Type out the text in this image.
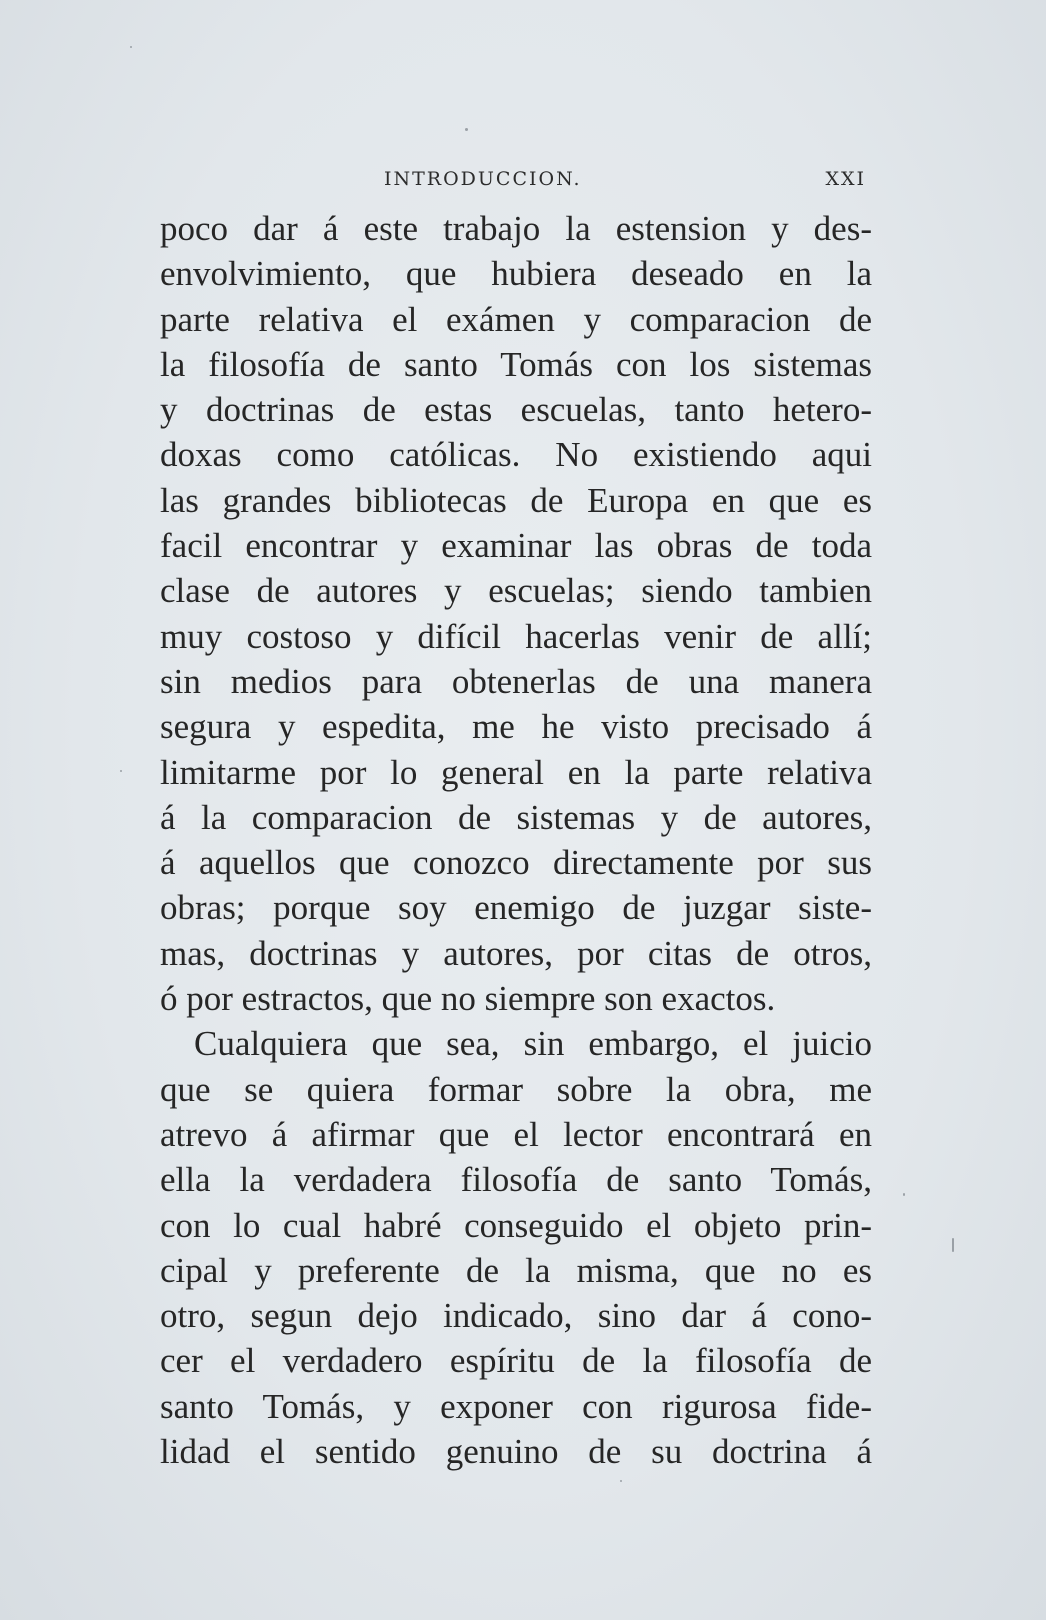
INTRODUCCION.	XXI
poco dar á este trabajo la estension y des-
envolvimiento, que hubiera deseado en la
parte relativa el exámen y comparacion de
la filosofía de santo Tomás con los sistemas
y doctrinas de estas escuelas, tanto hetero-
doxas como católicas. No existiendo aqui
las grandes bibliotecas de Europa en que es
facil encontrar y examinar las obras de toda
clase de autores y escuelas; siendo tambien
muy costoso y difícil hacerlas venir de allí;
sin medios para obtenerlas de una manera
segura y espedita, me he visto precisado á
limitarme por lo general en la parte relativa
á la comparacion de sistemas y de autores,
á aquellos que conozco directamente por sus
obras; porque soy enemigo de juzgar siste-
mas, doctrinas y autores, por citas de otros,
ó por estractos, que no siempre son exactos.
Cualquiera que sea, sin embargo, el juicio
que se quiera formar sobre la obra, me
atrevo á afirmar que el lector encontrará en
ella la verdadera filosofía de santo Tomás,
con lo cual habré conseguido el objeto prin-
cipal y preferente de la misma, que no es
otro, segun dejo indicado, sino dar á cono-
cer el verdadero espíritu de la filosofía de
santo Tomás, y exponer con rigurosa fide-
lidad el sentido genuino de su doctrina á
